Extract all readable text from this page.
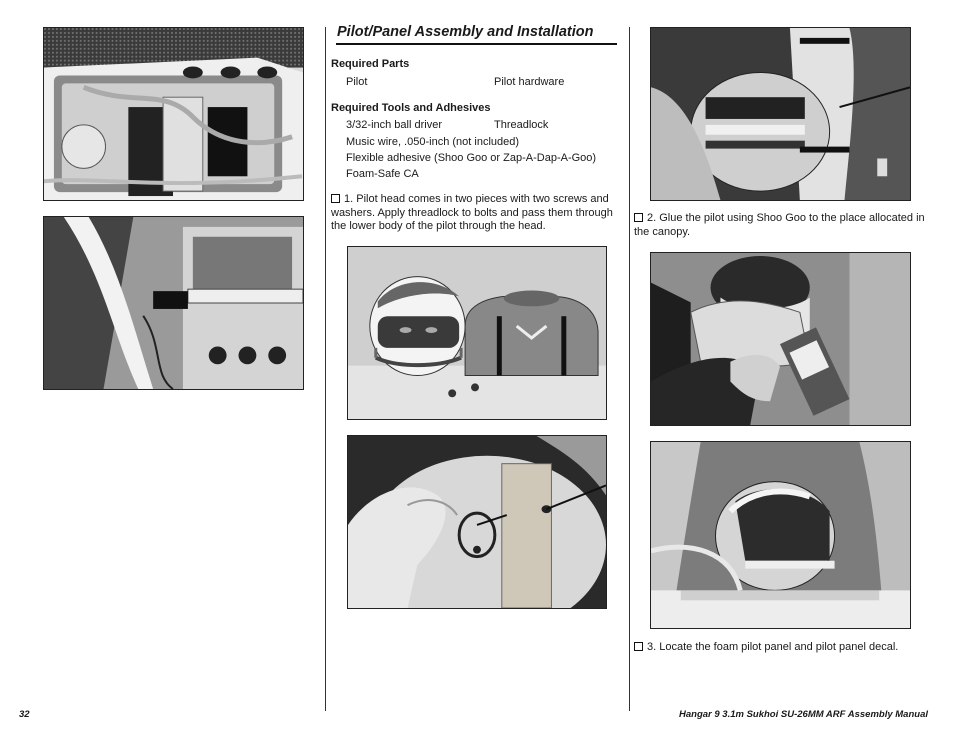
Pilot/Panel Assembly and Installation
Required Parts
Pilot	Pilot hardware
Required Tools and Adhesives
3/32-inch ball driver	Threadlock
Music wire, .050-inch (not included)
Flexible adhesive (Shoo Goo or Zap-A-Dap-A-Goo)
Foam-Safe CA
1. Pilot head comes in two pieces with two screws and washers. Apply threadlock to bolts and pass them through the lower body of the pilot through the head.
2. Glue the pilot using Shoo Goo to the place allocated in the canopy.
3. Locate the foam pilot panel and pilot panel decal.
32	Hangar 9 3.1m Sukhoi SU-26MM ARF Assembly Manual
